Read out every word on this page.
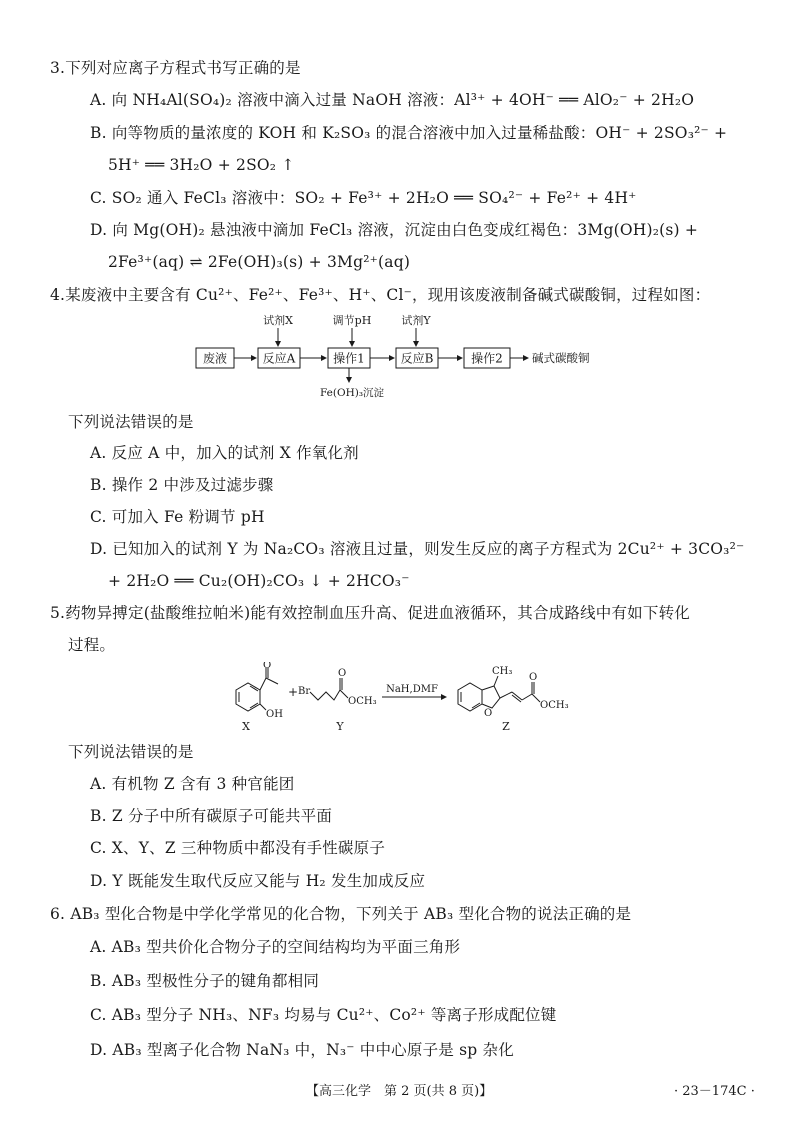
3.下列对应离子方程式书写正确的是
A. 向 NH₄Al(SO₄)₂ 溶液中滴入过量 NaOH 溶液：Al³⁺ + 4OH⁻ ══ AlO₂⁻ + 2H₂O
B. 向等物质的量浓度的 KOH 和 K₂SO₃ 的混合溶液中加入过量稀盐酸：OH⁻ + 2SO₃²⁻ +
5H⁺ ══ 3H₂O + 2SO₂ ↑
C. SO₂ 通入 FeCl₃ 溶液中：SO₂ + Fe³⁺ + 2H₂O ══ SO₄²⁻ + Fe²⁺ + 4H⁺
D. 向 Mg(OH)₂ 悬浊液中滴加 FeCl₃ 溶液，沉淀由白色变成红褐色：3Mg(OH)₂(s) +
2Fe³⁺(aq) ⇌ 2Fe(OH)₃(s) + 3Mg²⁺(aq)
4.某废液中主要含有 Cu²⁺、Fe²⁺、Fe³⁺、H⁺、Cl⁻，现用该废液制备碱式碳酸铜，过程如图：
试剂X	调节pH	试剂Y
废液	反应A	操作1	反应B	操作2	碱式碳酸铜
Fe(OH)₃沉淀
下列说法错误的是
A. 反应 A 中，加入的试剂 X 作氧化剂
B. 操作 2 中涉及过滤步骤
C. 可加入 Fe 粉调节 pH
D. 已知加入的试剂 Y 为 Na₂CO₃ 溶液且过量，则发生反应的离子方程式为 2Cu²⁺ + 3CO₃²⁻
+ 2H₂O ══ Cu₂(OH)₂CO₃ ↓ + 2HCO₃⁻
5.药物异搏定(盐酸维拉帕米)能有效控制血压升高、促进血液循环，其合成路线中有如下转化
过程。
O
OH
X
+ Br
O
OCH₃
Y
NaH,DMF
CH₃
O
O
OCH₃
Z
下列说法错误的是
A. 有机物 Z 含有 3 种官能团
B. Z 分子中所有碳原子可能共平面
C. X、Y、Z 三种物质中都没有手性碳原子
D. Y 既能发生取代反应又能与 H₂ 发生加成反应
6. AB₃ 型化合物是中学化学常见的化合物，下列关于 AB₃ 型化合物的说法正确的是
A. AB₃ 型共价化合物分子的空间结构均为平面三角形
B. AB₃ 型极性分子的键角都相同
C. AB₃ 型分子 NH₃、NF₃ 均易与 Cu²⁺、Co²⁺ 等离子形成配位键
D. AB₃ 型离子化合物 NaN₃ 中，N₃⁻ 中中心原子是 sp 杂化
【高三化学　第 2 页(共 8 页)】	· 23－174C ·
